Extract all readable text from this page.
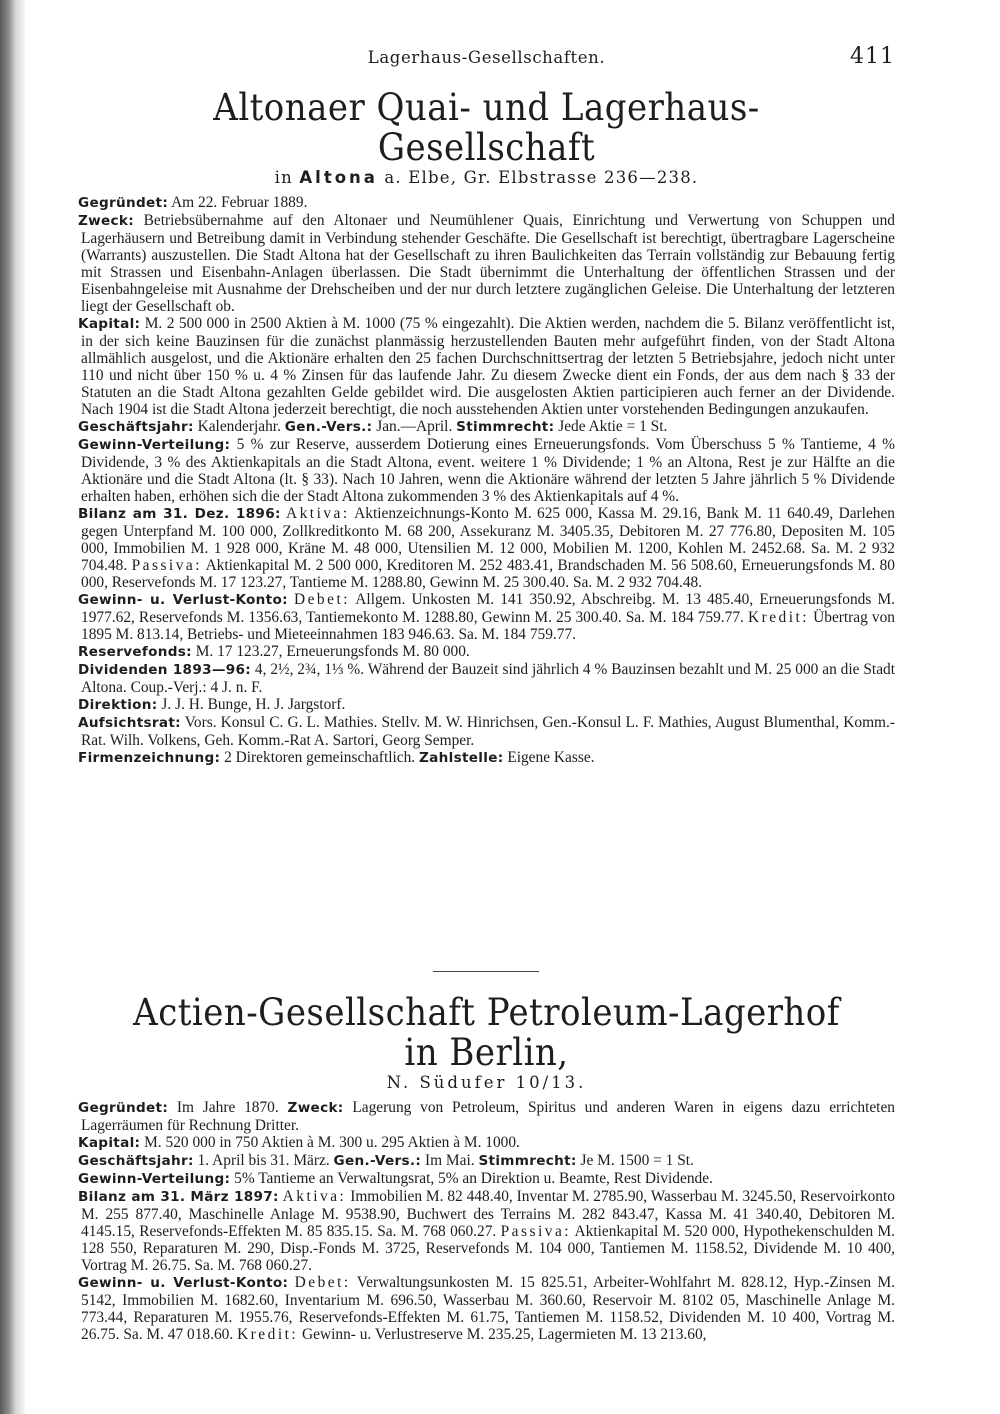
Lagerhaus-Gesellschaften.	411
Altonaer Quai- und Lagerhaus-Gesellschaft
in Altona a. Elbe, Gr. Elbstrasse 236—238.

Gegründet: Am 22. Februar 1889.

Zweck: Betriebsübernahme auf den Altonaer und Neumühlener Quais, Einrichtung und Verwertung von Schuppen und Lagerhäusern und Betreibung damit in Verbindung stehender Geschäfte. Die Gesellschaft ist berechtigt, übertragbare Lagerscheine (Warrants) auszustellen. Die Stadt Altona hat der Gesellschaft zu ihren Baulichkeiten das Terrain vollständig zur Bebauung fertig mit Strassen und Eisenbahn-Anlagen überlassen. Die Stadt übernimmt die Unterhaltung der öffentlichen Strassen und der Eisenbahngeleise mit Ausnahme der Drehscheiben und der nur durch letztere zugänglichen Geleise. Die Unterhaltung der letzteren liegt der Gesellschaft ob.

Kapital: M. 2 500 000 in 2500 Aktien à M. 1000 (75 % eingezahlt). Die Aktien werden, nachdem die 5. Bilanz veröffentlicht ist, in der sich keine Bauzinsen für die zunächst planmässig herzustellenden Bauten mehr aufgeführt finden, von der Stadt Altona allmählich ausgelost, und die Aktionäre erhalten den 25 fachen Durchschnittsertrag der letzten 5 Betriebsjahre, jedoch nicht unter 110 und nicht über 150 % u. 4 % Zinsen für das laufende Jahr. Zu diesem Zwecke dient ein Fonds, der aus dem nach § 33 der Statuten an die Stadt Altona gezahlten Gelde gebildet wird. Die ausgelosten Aktien participieren auch ferner an der Dividende. Nach 1904 ist die Stadt Altona jederzeit berechtigt, die noch ausstehenden Aktien unter vorstehenden Bedingungen anzukaufen.

Geschäftsjahr: Kalenderjahr. Gen.-Vers.: Jan.—April. Stimmrecht: Jede Aktie = 1 St.

Gewinn-Verteilung: 5 % zur Reserve, ausserdem Dotierung eines Erneuerungsfonds. Vom Überschuss 5 % Tantieme, 4 % Dividende, 3 % des Aktienkapitals an die Stadt Altona, event. weitere 1 % Dividende; 1 % an Altona, Rest je zur Hälfte an die Aktionäre und die Stadt Altona (lt. § 33). Nach 10 Jahren, wenn die Aktionäre während der letzten 5 Jahre jährlich 5 % Dividende erhalten haben, erhöhen sich die der Stadt Altona zukommenden 3 % des Aktienkapitals auf 4 %.

Bilanz am 31. Dez. 1896: Aktiva: Aktienzeichnungs-Konto M. 625 000, Kassa M. 29.16, Bank M. 11 640.49, Darlehen gegen Unterpfand M. 100 000, Zollkreditkonto M. 68 200, Assekuranz M. 3405.35, Debitoren M. 27 776.80, Depositen M. 105 000, Immobilien M. 1 928 000, Kräne M. 48 000, Utensilien M. 12 000, Mobilien M. 1200, Kohlen M. 2452.68. Sa. M. 2 932 704.48. Passiva: Aktienkapital M. 2 500 000, Kreditoren M. 252 483.41, Brandschaden M. 56 508.60, Erneuerungsfonds M. 80 000, Reservefonds M. 17 123.27, Tantieme M. 1288.80, Gewinn M. 25 300.40. Sa. M. 2 932 704.48.

Gewinn- u. Verlust-Konto: Debet: Allgem. Unkosten M. 141 350.92, Abschreibg. M. 13 485.40, Erneuerungsfonds M. 1977.62, Reservefonds M. 1356.63, Tantiemekonto M. 1288.80, Gewinn M. 25 300.40. Sa. M. 184 759.77. Kredit: Übertrag von 1895 M. 813.14, Betriebs- und Mieteeinnahmen 183 946.63. Sa. M. 184 759.77.

Reservefonds: M. 17 123.27, Erneuerungsfonds M. 80 000.

Dividenden 1893—96: 4, 2½, 2¾, 1⅓ %. Während der Bauzeit sind jährlich 4 % Bauzinsen bezahlt und M. 25 000 an die Stadt Altona. Coup.-Verj.: 4 J. n. F.

Direktion: J. J. H. Bunge, H. J. Jargstorf.

Aufsichtsrat: Vors. Konsul C. G. L. Mathies. Stellv. M. W. Hinrichsen, Gen.-Konsul L. F. Mathies, August Blumenthal, Komm.-Rat. Wilh. Volkens, Geh. Komm.-Rat A. Sartori, Georg Semper.

Firmenzeichnung: 2 Direktoren gemeinschaftlich. Zahlstelle: Eigene Kasse.

Actien-Gesellschaft Petroleum-Lagerhof in Berlin,
N. Südufer 10/13.

Gegründet: Im Jahre 1870. Zweck: Lagerung von Petroleum, Spiritus und anderen Waren in eigens dazu errichteten Lagerräumen für Rechnung Dritter.

Kapital: M. 520 000 in 750 Aktien à M. 300 u. 295 Aktien à M. 1000.

Geschäftsjahr: 1. April bis 31. März. Gen.-Vers.: Im Mai. Stimmrecht: Je M. 1500 = 1 St.

Gewinn-Verteilung: 5% Tantieme an Verwaltungsrat, 5% an Direktion u. Beamte, Rest Dividende.

Bilanz am 31. März 1897: Aktiva: Immobilien M. 82 448.40, Inventar M. 2785.90, Wasserbau M. 3245.50, Reservoirkonto M. 255 877.40, Maschinelle Anlage M. 9538.90, Buchwert des Terrains M. 282 843.47, Kassa M. 41 340.40, Debitoren M. 4145.15, Reservefonds-Effekten M. 85 835.15. Sa. M. 768 060.27. Passiva: Aktienkapital M. 520 000, Hypothekenschulden M. 128 550, Reparaturen M. 290, Disp.-Fonds M. 3725, Reservefonds M. 104 000, Tantiemen M. 1158.52, Dividende M. 10 400, Vortrag M. 26.75. Sa. M. 768 060.27.

Gewinn- u. Verlust-Konto: Debet: Verwaltungsunkosten M. 15 825.51, Arbeiter-Wohlfahrt M. 828.12, Hyp.-Zinsen M. 5142, Immobilien M. 1682.60, Inventarium M. 696.50, Wasserbau M. 360.60, Reservoir M. 8102 05, Maschinelle Anlage M. 773.44, Reparaturen M. 1955.76, Reservefonds-Effekten M. 61.75, Tantiemen M. 1158.52, Dividenden M. 10 400, Vortrag M. 26.75. Sa. M. 47 018.60. Kredit: Gewinn- u. Verlustreserve M. 235.25, Lagermieten M. 13 213.60,
